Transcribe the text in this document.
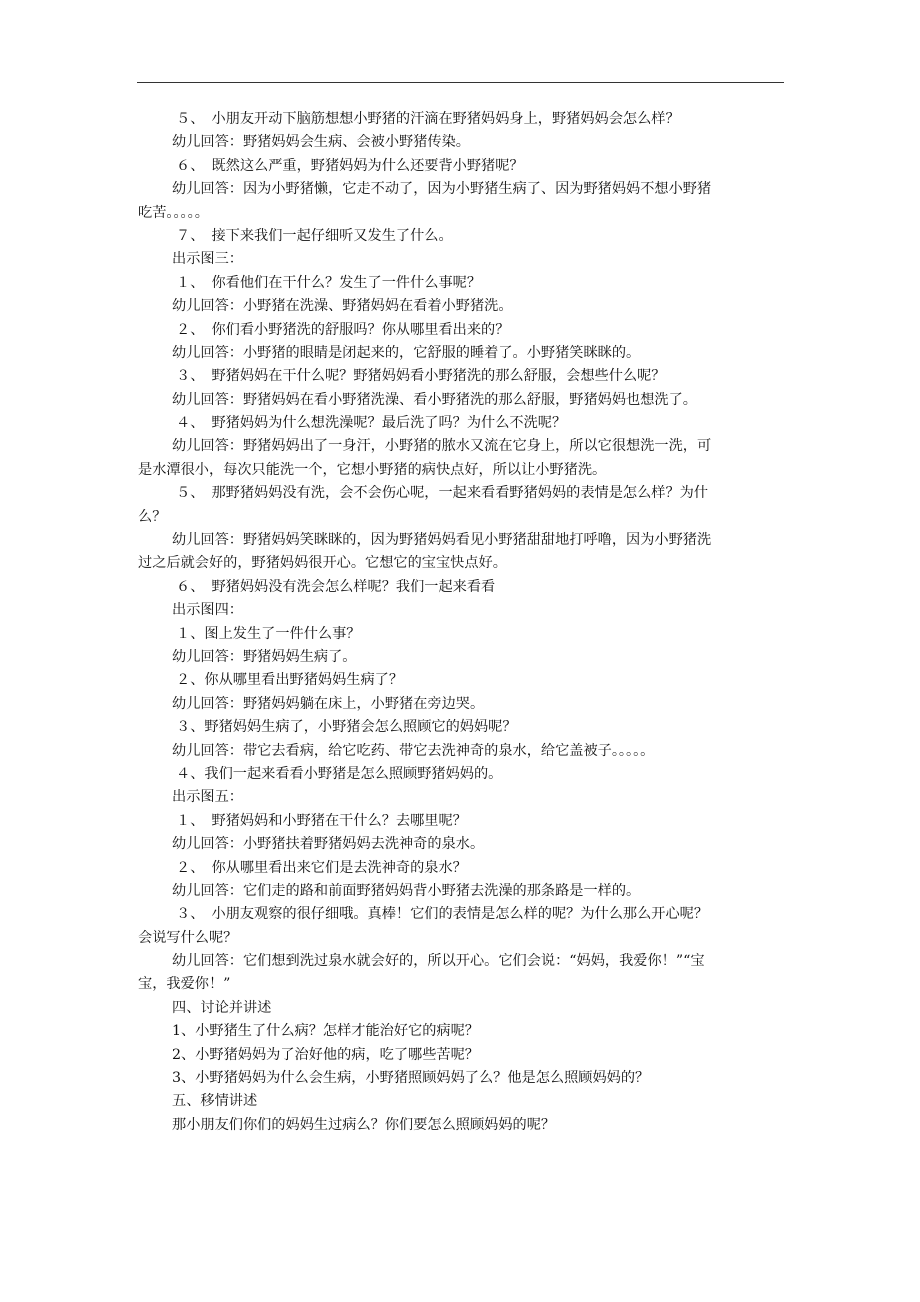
５、　小朋友开动下脑筋想想小野猪的汗滴在野猪妈妈身上，野猪妈妈会怎么样？
幼儿回答：野猪妈妈会生病、会被小野猪传染。
６、　既然这么严重，野猪妈妈为什么还要背小野猪呢？
幼儿回答：因为小野猪懒，它走不动了，因为小野猪生病了、因为野猪妈妈不想小野猪
吃苦。。。。。
７、　接下来我们一起仔细听又发生了什么。
出示图三：
１、　你看他们在干什么？发生了一件什么事呢？
幼儿回答：小野猪在洗澡、野猪妈妈在看着小野猪洗。
２、　你们看小野猪洗的舒服吗？你从哪里看出来的？
幼儿回答：小野猪的眼睛是闭起来的，它舒服的睡着了。小野猪笑眯眯的。
３、　野猪妈妈在干什么呢？野猪妈妈看小野猪洗的那么舒服，会想些什么呢？
幼儿回答：野猪妈妈在看小野猪洗澡、看小野猪洗的那么舒服，野猪妈妈也想洗了。
４、　野猪妈妈为什么想洗澡呢？最后洗了吗？为什么不洗呢？
幼儿回答：野猪妈妈出了一身汗，小野猪的脓水又流在它身上，所以它很想洗一洗，可
是水潭很小，每次只能洗一个，它想小野猪的病快点好，所以让小野猪洗。
５、　那野猪妈妈没有洗，会不会伤心呢，一起来看看野猪妈妈的表情是怎么样？为什
么？
幼儿回答：野猪妈妈笑眯眯的，因为野猪妈妈看见小野猪甜甜地打呼噜，因为小野猪洗
过之后就会好的，野猪妈妈很开心。它想它的宝宝快点好。
６、　野猪妈妈没有洗会怎么样呢？我们一起来看看
出示图四：
１、图上发生了一件什么事？
幼儿回答：野猪妈妈生病了。
２、你从哪里看出野猪妈妈生病了？
幼儿回答：野猪妈妈躺在床上，小野猪在旁边哭。
３、野猪妈妈生病了，小野猪会怎么照顾它的妈妈呢？
幼儿回答：带它去看病，给它吃药、带它去洗神奇的泉水，给它盖被子。。。。。
４、我们一起来看看小野猪是怎么照顾野猪妈妈的。
出示图五：
１、　野猪妈妈和小野猪在干什么？去哪里呢？
幼儿回答：小野猪扶着野猪妈妈去洗神奇的泉水。
２、　你从哪里看出来它们是去洗神奇的泉水？
幼儿回答：它们走的路和前面野猪妈妈背小野猪去洗澡的那条路是一样的。
３、　小朋友观察的很仔细哦。真棒！它们的表情是怎么样的呢？为什么那么开心呢？
会说写什么呢？
幼儿回答：它们想到洗过泉水就会好的，所以开心。它们会说：“妈妈，我爱你！”“宝
宝，我爱你！”
四、讨论并讲述
1、小野猪生了什么病？怎样才能治好它的病呢？
2、小野猪妈妈为了治好他的病，吃了哪些苦呢？
3、小野猪妈妈为什么会生病，小野猪照顾妈妈了么？他是怎么照顾妈妈的？
五、移情讲述
那小朋友们你们的妈妈生过病么？你们要怎么照顾妈妈的呢？
